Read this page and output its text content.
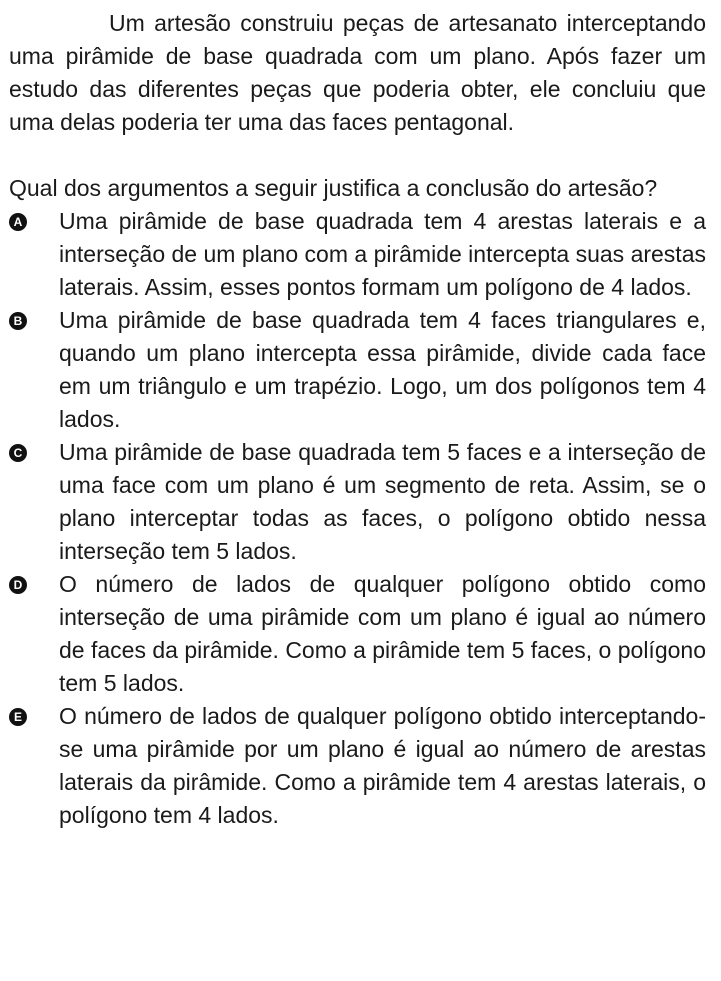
Um artesão construiu peças de artesanato interceptando uma pirâmide de base quadrada com um plano. Após fazer um estudo das diferentes peças que poderia obter, ele concluiu que uma delas poderia ter uma das faces pentagonal.

Qual dos argumentos a seguir justifica a conclusão do artesão?

A Uma pirâmide de base quadrada tem 4 arestas laterais e a interseção de um plano com a pirâmide intercepta suas arestas laterais. Assim, esses pontos formam um polígono de 4 lados.
B Uma pirâmide de base quadrada tem 4 faces triangulares e, quando um plano intercepta essa pirâmide, divide cada face em um triângulo e um trapézio. Logo, um dos polígonos tem 4 lados.
C Uma pirâmide de base quadrada tem 5 faces e a interseção de uma face com um plano é um segmento de reta. Assim, se o plano interceptar todas as faces, o polígono obtido nessa interseção tem 5 lados.
D O número de lados de qualquer polígono obtido como interseção de uma pirâmide com um plano é igual ao número de faces da pirâmide. Como a pirâmide tem 5 faces, o polígono tem 5 lados.
E O número de lados de qualquer polígono obtido interceptando-se uma pirâmide por um plano é igual ao número de arestas laterais da pirâmide. Como a pirâmide tem 4 arestas laterais, o polígono tem 4 lados.
